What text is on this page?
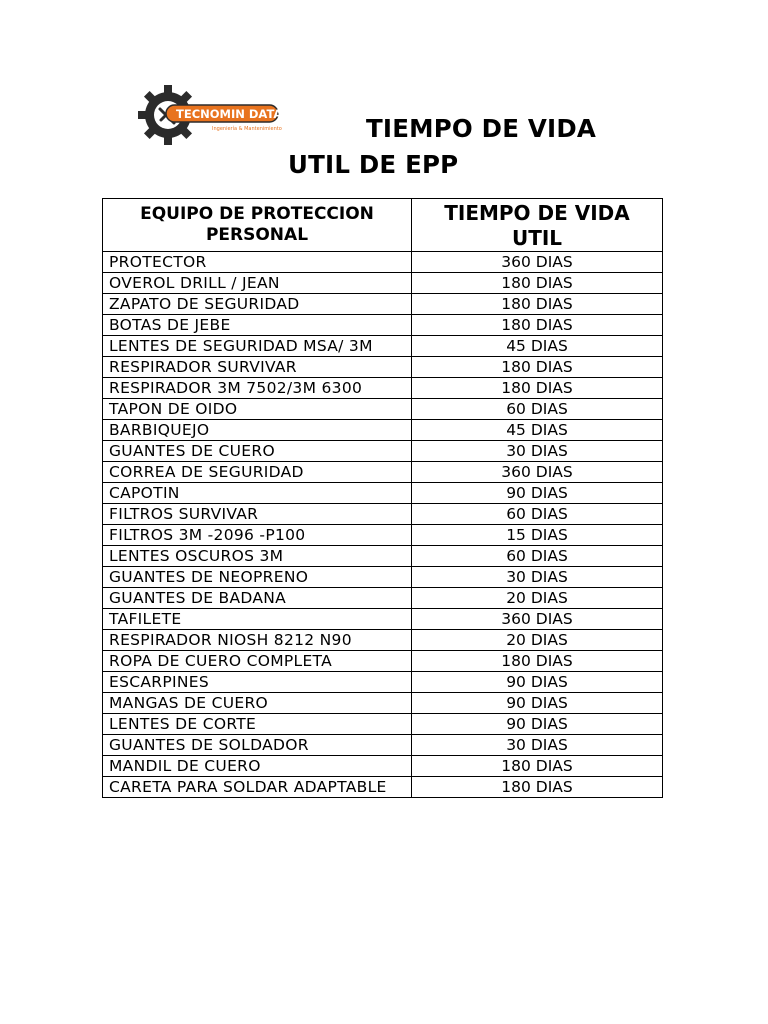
TECNOMIN DATA
Ingeniería & Mantenimiento	TIEMPO DE VIDA
UTIL DE EPP
EQUIPO DE PROTECCION PERSONAL	TIEMPO DE VIDA UTIL
PROTECTOR	360 DIAS
OVEROL DRILL / JEAN	180 DIAS
ZAPATO DE SEGURIDAD	180 DIAS
BOTAS DE JEBE	180 DIAS
LENTES DE SEGURIDAD MSA/ 3M	45 DIAS
RESPIRADOR SURVIVAR	180 DIAS
RESPIRADOR 3M 7502/3M 6300	180 DIAS
TAPON DE OIDO	60 DIAS
BARBIQUEJO	45 DIAS
GUANTES DE CUERO	30 DIAS
CORREA DE SEGURIDAD	360 DIAS
CAPOTIN	90 DIAS
FILTROS SURVIVAR	60 DIAS
FILTROS 3M -2096 -P100	15 DIAS
LENTES OSCUROS 3M	60 DIAS
GUANTES DE NEOPRENO	30 DIAS
GUANTES DE BADANA	20 DIAS
TAFILETE	360 DIAS
RESPIRADOR NIOSH 8212 N90	20 DIAS
ROPA DE CUERO COMPLETA	180 DIAS
ESCARPINES	90 DIAS
MANGAS DE CUERO	90 DIAS
LENTES DE CORTE	90 DIAS
GUANTES DE SOLDADOR	30 DIAS
MANDIL DE CUERO	180 DIAS
CARETA PARA SOLDAR ADAPTABLE	180 DIAS
